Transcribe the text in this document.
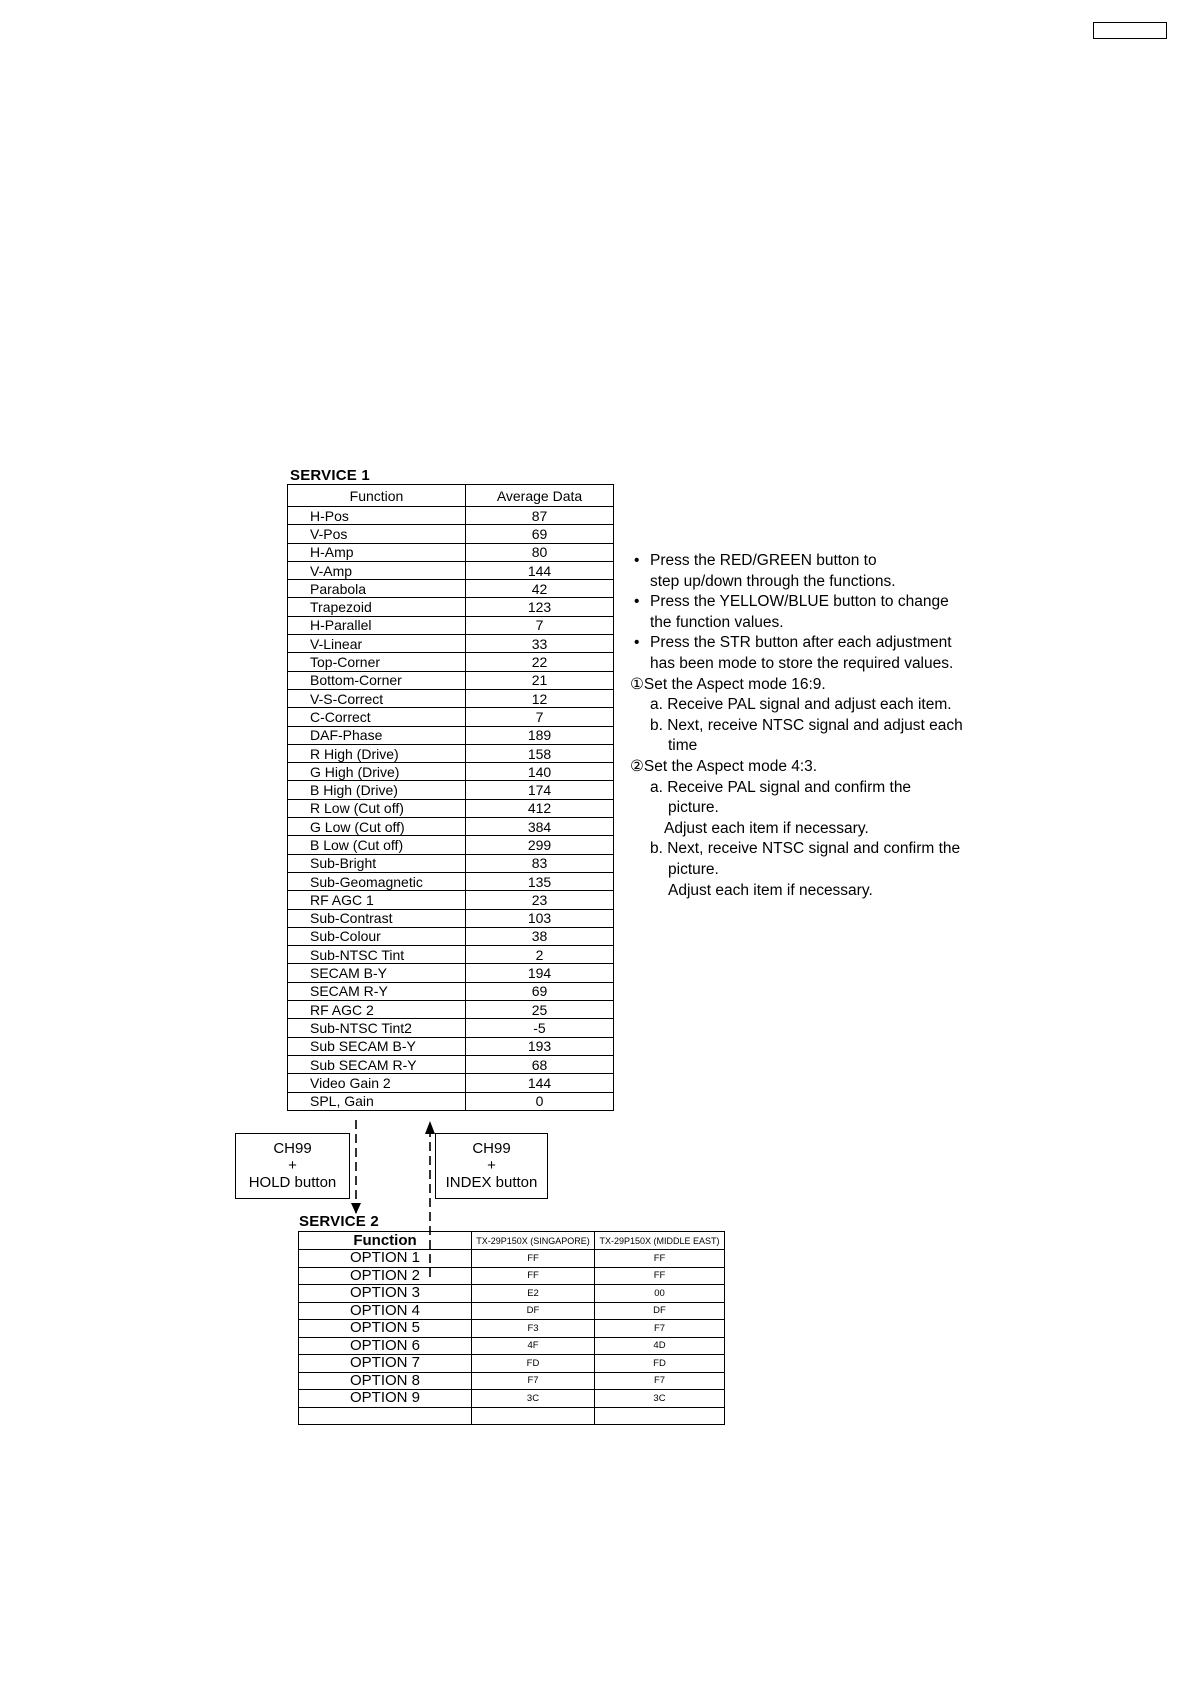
SERVICE 1
Function	Average Data
H-Pos	87
V-Pos	69
H-Amp	80
V-Amp	144
Parabola	42
Trapezoid	123
H-Parallel	7
V-Linear	33
Top-Corner	22
Bottom-Corner	21
V-S-Correct	12
C-Correct	7
DAF-Phase	189
R High (Drive)	158
G High (Drive)	140
B High (Drive)	174
R Low (Cut off)	412
G Low (Cut off)	384
B Low (Cut off)	299
Sub-Bright	83
Sub-Geomagnetic	135
RF AGC 1	23
Sub-Contrast	103
Sub-Colour	38
Sub-NTSC Tint	2
SECAM B-Y	194
SECAM R-Y	69
RF AGC 2	25
Sub-NTSC Tint2	-5
Sub SECAM B-Y	193
Sub SECAM R-Y	68
Video Gain 2	144
SPL, Gain	0
CH99
+
HOLD button
CH99
+
INDEX button
SERVICE 2
Function	TX-29P150X (SINGAPORE)	TX-29P150X (MIDDLE EAST)
OPTION 1	FF	FF
OPTION 2	FF	FF
OPTION 3	E2	00
OPTION 4	DF	DF
OPTION 5	F3	F7
OPTION 6	4F	4D
OPTION 7	FD	FD
OPTION 8	F7	F7
OPTION 9	3C	3C

• Press the RED/GREEN button to
step up/down through the functions.
• Press the YELLOW/BLUE button to change
the function values.
• Press the STR button after each adjustment
has been mode to store the required values.
①Set the Aspect mode 16:9.
a. Receive PAL signal and adjust each item.
b. Next, receive NTSC signal and adjust each
time
②Set the Aspect mode 4:3.
a. Receive PAL signal and confirm the
picture.
Adjust each item if necessary.
b. Next, receive NTSC signal and confirm the
picture.
Adjust each item if necessary.
